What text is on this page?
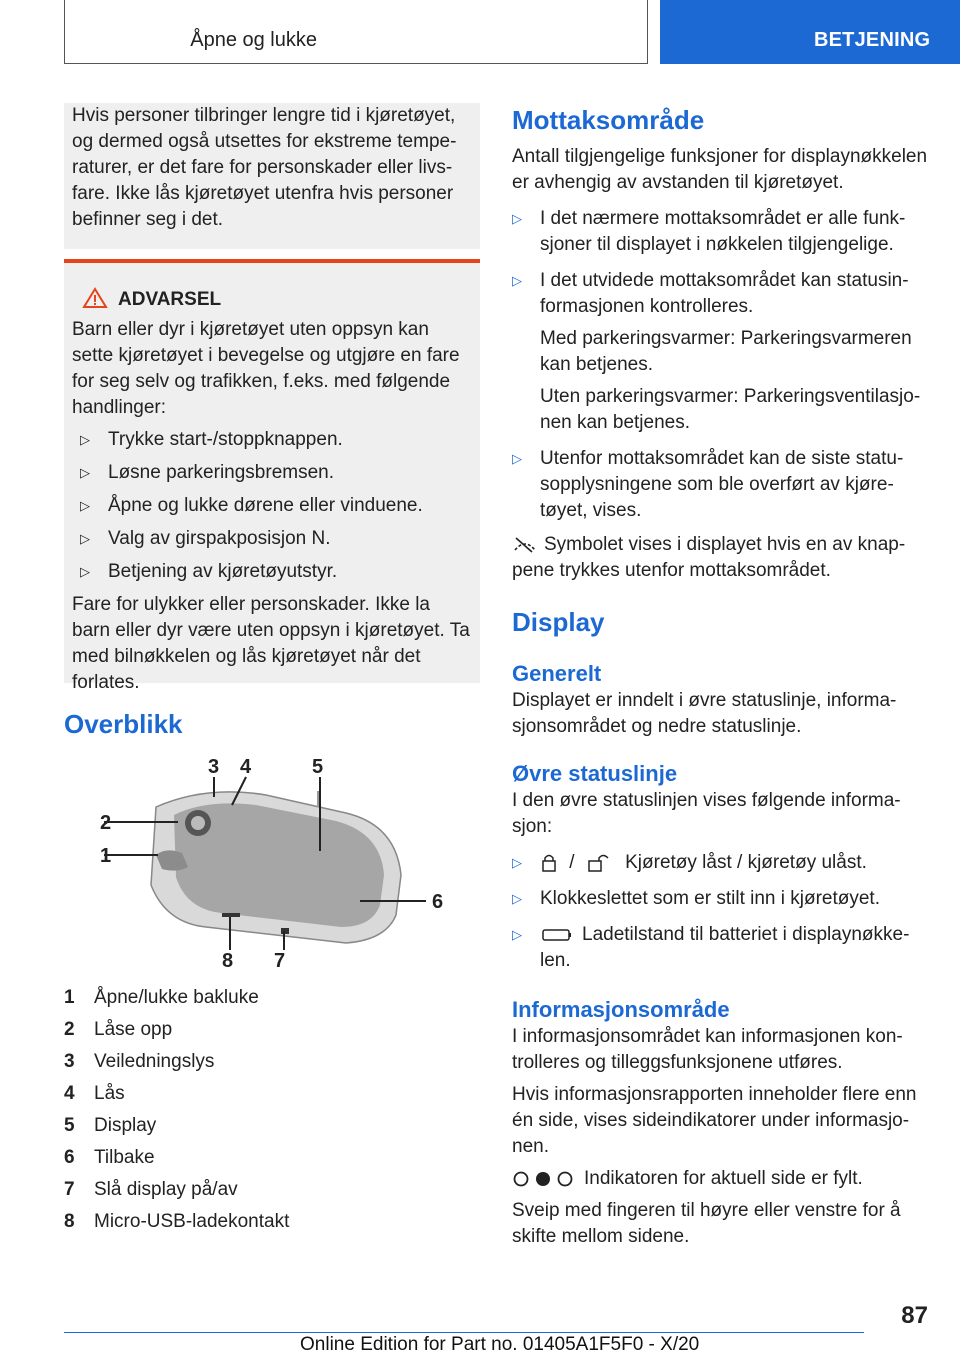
Åpne og lukke	BETJENING

Hvis personer tilbringer lengre tid i kjøretøyet, og dermed også utsettes for ekstreme temperaturer, er det fare for personskader eller livsfare. Ikke lås kjøretøyet utenfra hvis personer befinner seg i det.

ADVARSEL

Barn eller dyr i kjøretøyet uten oppsyn kan sette kjøretøyet i bevegelse og utgjøre en fare for seg selv og trafikken, f.eks. med følgende handlinger:

▷ Trykke start-/stoppknappen.
▷ Løsne parkeringsbremsen.
▷ Åpne og lukke dørene eller vinduene.
▷ Valg av girspakposisjon N.
▷ Betjening av kjøretøyutstyr.

Fare for ulykker eller personskader. Ikke la barn eller dyr være uten oppsyn i kjøretøyet. Ta med bilnøkkelen og lås kjøretøyet når det forlates.

Overblikk
1
2
3 4	5
6
7
8
1	Åpne/lukke bakluke
2	Låse opp
3	Veiledningslys
4	Lås
5	Display
6	Tilbake
7	Slå display på/av
8	Micro-USB-ladekontakt

Mottaksområde

Antall tilgjengelige funksjoner for displaynøkkelen er avhengig av avstanden til kjøretøyet.

▷ I det nærmere mottaksområdet er alle funksjoner til displayet i nøkkelen tilgjengelige.
▷ I det utvidede mottaksområdet kan statusinformasjonen kontrolleres.

Med parkeringsvarmer: Parkeringsvarmeren kan betjenes.

Uten parkeringsvarmer: Parkeringsventilasjonen kan betjenes.

▷ Utenfor mottaksområdet kan de siste statusopplysningene som ble overført av kjøretøyet, vises.

Symbolet vises i displayet hvis en av knappene trykkes utenfor mottaksområdet.

Display

Generelt

Displayet er inndelt i øvre statuslinje, informasjonsområdet og nedre statuslinje.

Øvre statuslinje

I den øvre statuslinjen vises følgende informasjon:

▷ /	Kjøretøy låst / kjøretøy ulåst.
▷ Klokkeslettet som er stilt inn i kjøretøyet.
▷	Ladetilstand til batteriet i displaynøkkelen.

Informasjonsområde

I informasjonsområdet kan informasjonen kontrolleres og tilleggsfunksjonene utføres.

Hvis informasjonsrapporten inneholder flere enn én side, vises sideindikatorer under informasjonen.

Indikatoren for aktuell side er fylt.

Sveip med fingeren til høyre eller venstre for å skifte mellom sidene.

87
Online Edition for Part no. 01405A1F5F0 - X/20
